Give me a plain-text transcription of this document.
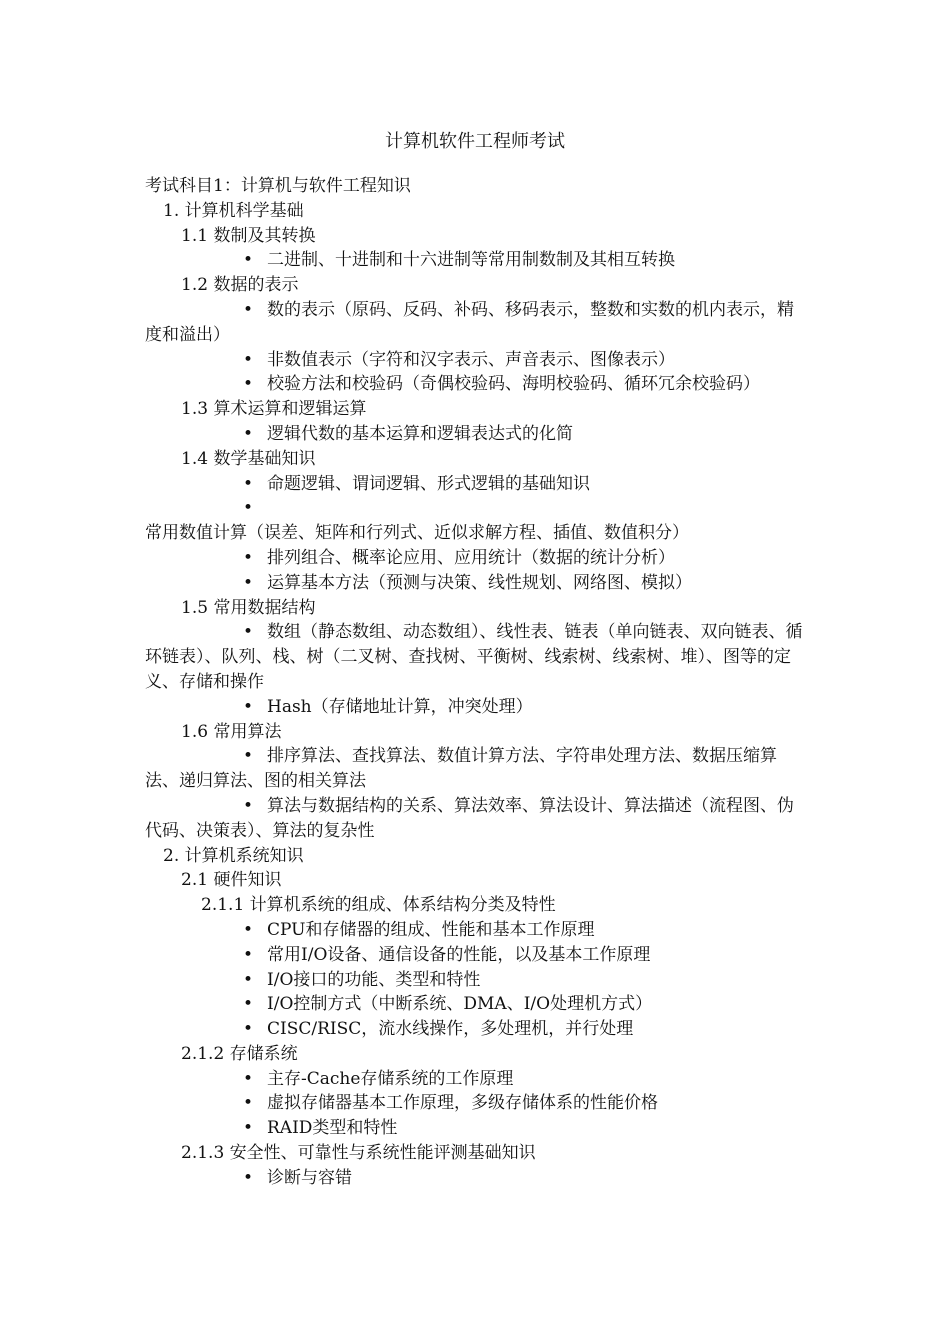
计算机软件工程师考试
考试科目1：计算机与软件工程知识
1. 计算机科学基础
1.1 数制及其转换
• 二进制、十进制和十六进制等常用制数制及其相互转换
1.2 数据的表示
• 数的表示（原码、反码、补码、移码表示，整数和实数的机内表示，精度和溢出）
• 非数值表示（字符和汉字表示、声音表示、图像表示）
• 校验方法和校验码（奇偶校验码、海明校验码、循环冗余校验码）
1.3 算术运算和逻辑运算
• 逻辑代数的基本运算和逻辑表达式的化简
1.4 数学基础知识
• 命题逻辑、谓词逻辑、形式逻辑的基础知识
•常用数值计算（误差、矩阵和行列式、近似求解方程、插值、数值积分）
• 排列组合、概率论应用、应用统计（数据的统计分析）
• 运算基本方法（预测与决策、线性规划、网络图、模拟）
1.5 常用数据结构
• 数组（静态数组、动态数组）、线性表、链表（单向链表、双向链表、循环链表）、队列、栈、树（二叉树、查找树、平衡树、线索树、线索树、堆）、图等的定义、存储和操作
• Hash（存储地址计算，冲突处理）
1.6 常用算法
• 排序算法、查找算法、数值计算方法、字符串处理方法、数据压缩算法、递归算法、图的相关算法
• 算法与数据结构的关系、算法效率、算法设计、算法描述（流程图、伪代码、决策表）、算法的复杂性
2. 计算机系统知识
2.1 硬件知识
2.1.1 计算机系统的组成、体系结构分类及特性
• CPU和存储器的组成、性能和基本工作原理
• 常用I/O设备、通信设备的性能，以及基本工作原理
• I/O接口的功能、类型和特性
• I/O控制方式（中断系统、DMA、I/O处理机方式）
• CISC/RISC，流水线操作，多处理机，并行处理
2.1.2 存储系统
• 主存-Cache存储系统的工作原理
• 虚拟存储器基本工作原理，多级存储体系的性能价格
• RAID类型和特性
2.1.3 安全性、可靠性与系统性能评测基础知识
• 诊断与容错
